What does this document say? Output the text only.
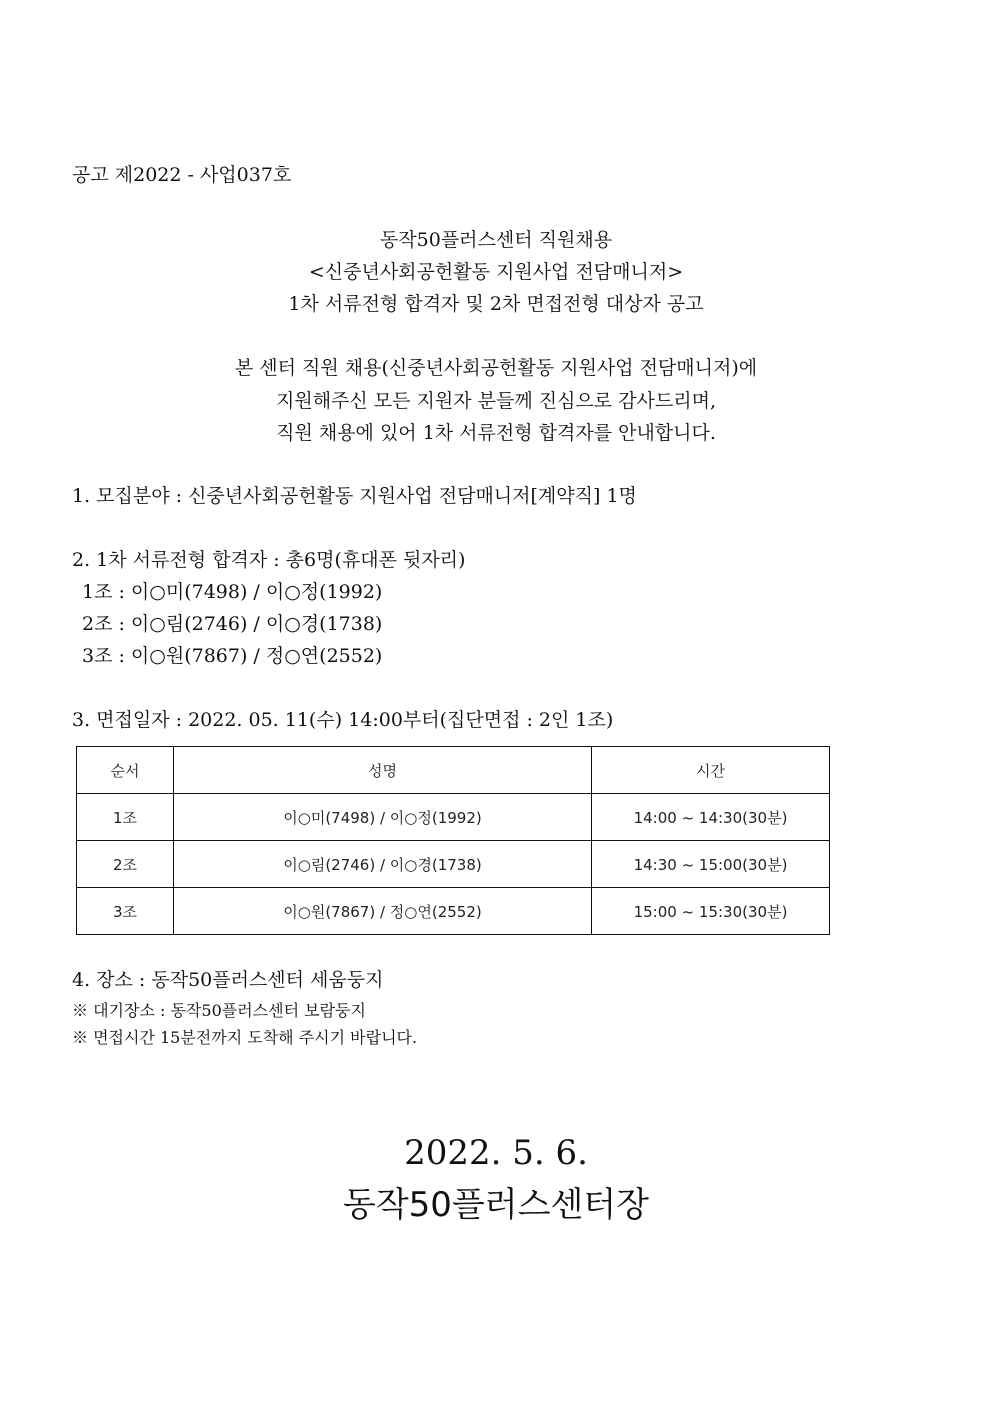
공고 제2022 - 사업037호
동작50플러스센터 직원채용
<신중년사회공헌활동 지원사업 전담매니저>
1차 서류전형 합격자 및 2차 면접전형 대상자 공고
본 센터 직원 채용(신중년사회공헌활동 지원사업 전담매니저)에
지원해주신 모든 지원자 분들께 진심으로 감사드리며,
직원 채용에 있어 1차 서류전형 합격자를 안내합니다.
1. 모집분야 : 신중년사회공헌활동 지원사업 전담매니저[계약직] 1명
2. 1차 서류전형 합격자 : 총6명(휴대폰 뒷자리)
1조 : 이○미(7498) / 이○정(1992)
2조 : 이○림(2746) / 이○경(1738)
3조 : 이○원(7867) / 정○연(2552)
3. 면접일자 : 2022. 05. 11(수) 14:00부터(집단면접 : 2인 1조)
순서	성명	시간
1조	이○미(7498) / 이○정(1992)	14:00 ~ 14:30(30분)
2조	이○림(2746) / 이○경(1738)	14:30 ~ 15:00(30분)
3조	이○원(7867) / 정○연(2552)	15:00 ~ 15:30(30분)
4. 장소 : 동작50플러스센터 세움둥지
※ 대기장소 : 동작50플러스센터 보람둥지
※ 면접시간 15분전까지 도착해 주시기 바랍니다.
2022. 5. 6.
동작50플러스센터장
